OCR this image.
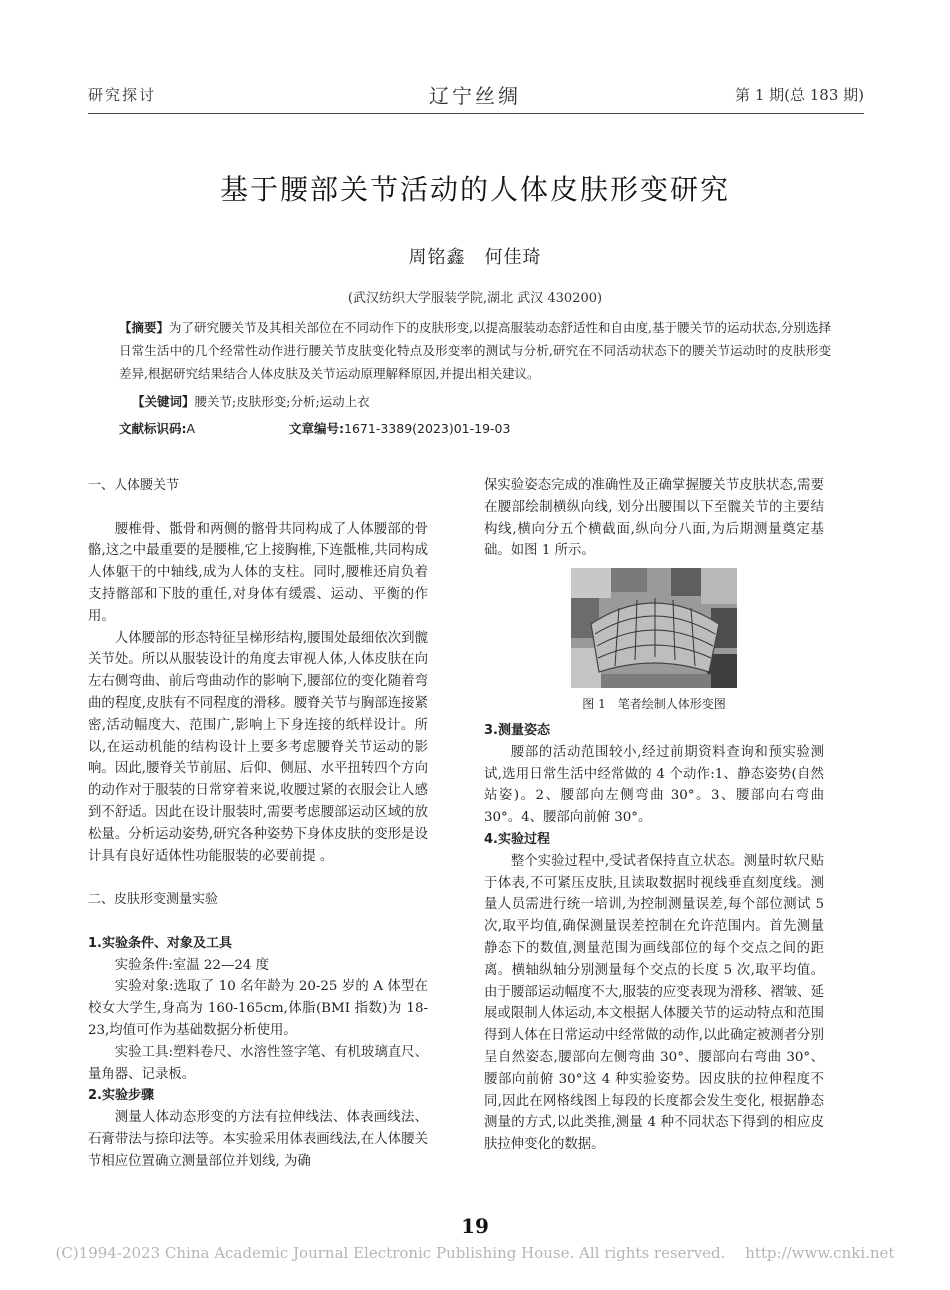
研究探讨	辽宁丝绸	第 1 期(总 183 期)
基于腰部关节活动的人体皮肤形变研究
周铭鑫　何佳琦
(武汉纺织大学服装学院,湖北 武汉 430200)
【摘要】为了研究腰关节及其相关部位在不同动作下的皮肤形变,以提高服装动态舒适性和自由度,基于腰关节的运动状态,分别选择日常生活中的几个经常性动作进行腰关节皮肤变化特点及形变率的测试与分析,研究在不同活动状态下的腰关节运动时的皮肤形变差异,根据研究结果结合人体皮肤及关节运动原理解释原因,并提出相关建议。
【关键词】腰关节;皮肤形变;分析;运动上衣
文献标识码:A	文章编号:1671-3389(2023)01-19-03
一、人体腰关节

腰椎骨、骶骨和两侧的髂骨共同构成了人体腰部的骨骼,这之中最重要的是腰椎,它上接胸椎,下连骶椎,共同构成人体躯干的中轴线,成为人体的支柱。同时,腰椎还肩负着支持髂部和下肢的重任,对身体有缓震、运动、平衡的作用。

人体腰部的形态特征呈梯形结构,腰围处最细依次到髋关节处。所以从服装设计的角度去审视人体,人体皮肤在向左右侧弯曲、前后弯曲动作的影响下,腰部位的变化随着弯曲的程度,皮肤有不同程度的滑移。腰脊关节与胸部连接紧密,活动幅度大、范围广,影响上下身连接的纸样设计。所以,在运动机能的结构设计上要多考虑腰脊关节运动的影响。因此,腰脊关节前屈、后仰、侧屈、水平扭转四个方向的动作对于服装的日常穿着来说,收腰过紧的衣服会让人感到不舒适。因此在设计服装时,需要考虑腰部运动区域的放松量。分析运动姿势,研究各种姿势下身体皮肤的变形是设计具有良好适体性功能服装的必要前提 。

二、皮肤形变测量实验
1.实验条件、对象及工具

实验条件:室温 22—24 度

实验对象:选取了 10 名年龄为 20-25 岁的 A 体型在校女大学生,身高为 160-165cm,体脂(BMI 指数)为 18-23,均值可作为基础数据分析使用。

实验工具:塑料卷尺、水溶性签字笔、有机玻璃直尺、量角器、记录板。

2.实验步骤

测量人体动态形变的方法有拉伸线法、体表画线法、石膏带法与捺印法等。本实验采用体表画线法,在人体腰关节相应位置确立测量部位并划线, 为确

保实验姿态完成的准确性及正确掌握腰关节皮肤状态,需要在腰部绘制横纵向线, 划分出腰围以下至髋关节的主要结构线,横向分五个横截面,纵向分八面,为后期测量奠定基础。如图 1 所示。

图 1　笔者绘制人体形变图
3.测量姿态

腰部的活动范围较小,经过前期资料查询和预实验测试,选用日常生活中经常做的 4 个动作:1、静态姿势(自然站姿)。2、腰部向左侧弯曲 30°。3、腰部向右弯曲 30°。4、腰部向前俯 30°。

4.实验过程

整个实验过程中,受试者保持直立状态。测量时软尺贴于体表,不可紧压皮肤,且读取数据时视线垂直刻度线。测量人员需进行统一培训,为控制测量误差,每个部位测试 5 次,取平均值,确保测量误差控制在允许范围内。首先测量静态下的数值,测量范围为画线部位的每个交点之间的距离。横轴纵轴分别测量每个交点的长度 5 次,取平均值。由于腰部运动幅度不大,服装的应变表现为滑移、褶皱、延展或限制人体运动,本文根据人体腰关节的运动特点和范围得到人体在日常运动中经常做的动作,以此确定被测者分别呈自然姿态,腰部向左侧弯曲 30°、腰部向右弯曲 30°、腰部向前俯 30°这 4 种实验姿势。因皮肤的拉伸程度不同,因此在网格线图上每段的长度都会发生变化, 根据静态测量的方式,以此类推,测量 4 种不同状态下得到的相应皮肤拉伸变化的数据。

19
(C)1994-2023 China Academic Journal Electronic Publishing House. All rights reserved.　 http://www.cnki.net
